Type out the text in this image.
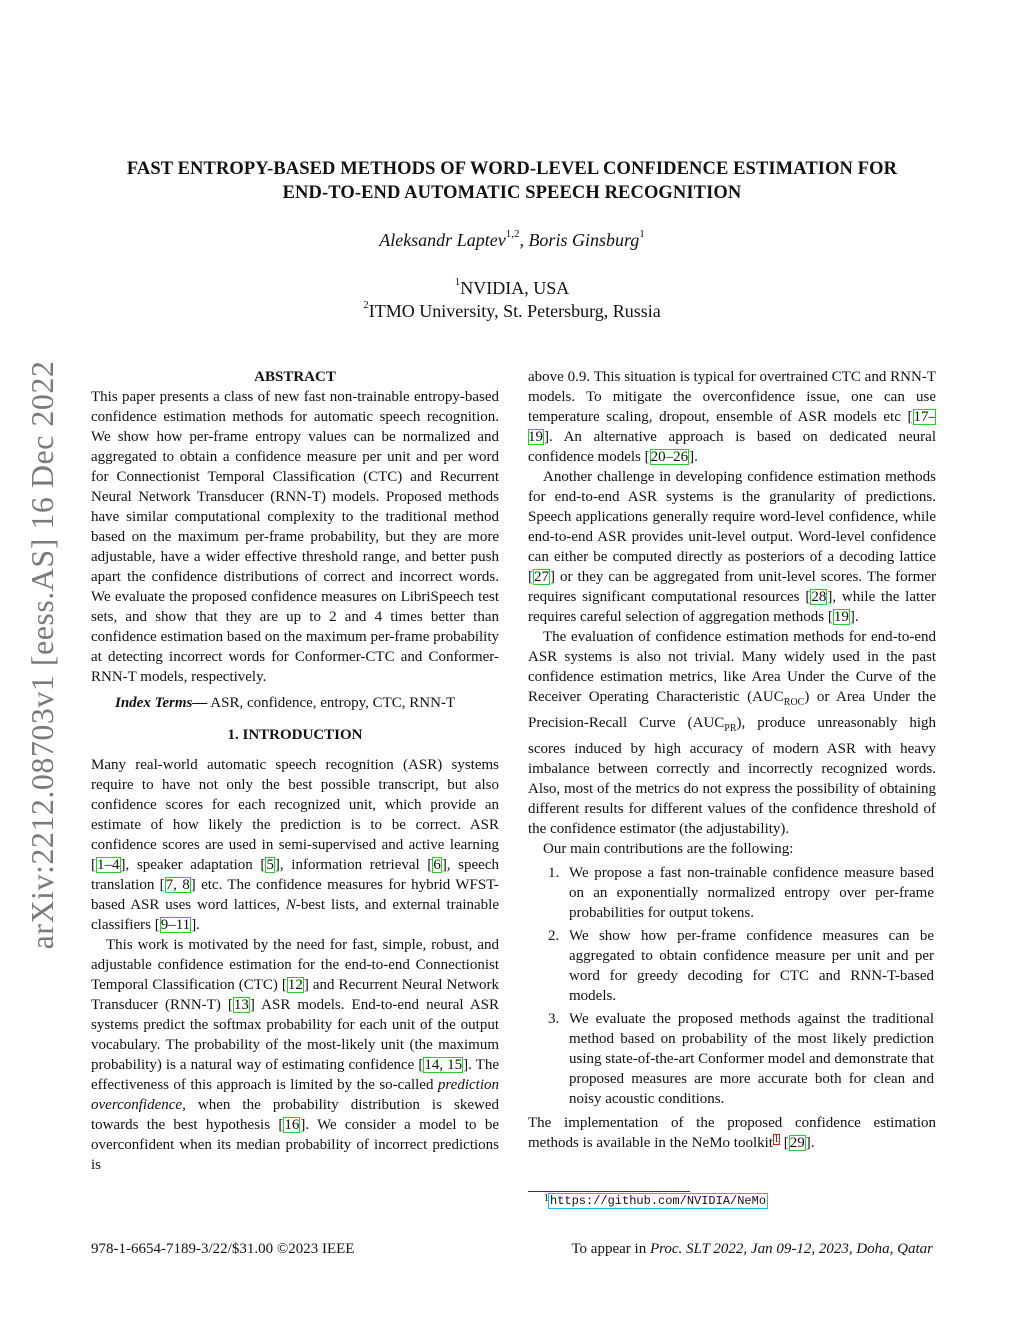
arXiv:2212.08703v1 [eess.AS] 16 Dec 2022
FAST ENTROPY-BASED METHODS OF WORD-LEVEL CONFIDENCE ESTIMATION FOR
END-TO-END AUTOMATIC SPEECH RECOGNITION
Aleksandr Laptev$^{1,2}$, Boris Ginsburg$^1$
$^1$NVIDIA, USA
$^2$ITMO University, St. Petersburg, Russia

ABSTRACT

This paper presents a class of new fast non-trainable entropy-based confidence estimation methods for automatic speech recognition. We show how per-frame entropy values can be normalized and aggregated to obtain a confidence measure per unit and per word for Connectionist Temporal Classification (CTC) and Recurrent Neural Network Transducer (RNN-T) models. Proposed methods have similar computational complexity to the traditional method based on the maximum per-frame probability, but they are more adjustable, have a wider effective threshold range, and better push apart the confidence distributions of correct and incorrect words. We evaluate the proposed confidence measures on LibriSpeech test sets, and show that they are up to 2 and 4 times better than confidence estimation based on the maximum per-frame probability at detecting incorrect words for Conformer-CTC and Conformer-RNN-T models, respectively.

Index Terms— ASR, confidence, entropy, CTC, RNN-T

1. INTRODUCTION

Many real-world automatic speech recognition (ASR) systems require to have not only the best possible transcript, but also confidence scores for each recognized unit, which provide an estimate of how likely the prediction is to be correct. ASR confidence scores are used in semi-supervised and active learning [1–4], speaker adaptation [5], information retrieval [6], speech translation [7, 8] etc. The confidence measures for hybrid WFST-based ASR uses word lattices, N-best lists, and external trainable classifiers [9–11].

This work is motivated by the need for fast, simple, robust, and adjustable confidence estimation for the end-to-end Connectionist Temporal Classification (CTC) [12] and Recurrent Neural Network Transducer (RNN-T) [13] ASR models. End-to-end neural ASR systems predict the softmax probability for each unit of the output vocabulary. The probability of the most-likely unit (the maximum probability) is a natural way of estimating confidence [14, 15]. The effectiveness of this approach is limited by the so-called prediction overconfidence, when the probability distribution is skewed towards the best hypothesis [16]. We consider a model to be overconfident when its median probability of incorrect predictions is

above 0.9. This situation is typical for overtrained CTC and RNN-T models. To mitigate the overconfidence issue, one can use temperature scaling, dropout, ensemble of ASR models etc [17–19]. An alternative approach is based on dedicated neural confidence models [20–26].

Another challenge in developing confidence estimation methods for end-to-end ASR systems is the granularity of predictions. Speech applications generally require word-level confidence, while end-to-end ASR provides unit-level output. Word-level confidence can either be computed directly as posteriors of a decoding lattice [27] or they can be aggregated from unit-level scores. The former requires significant computational resources [28], while the latter requires careful selection of aggregation methods [19].

The evaluation of confidence estimation methods for end-to-end ASR systems is also not trivial. Many widely used in the past confidence estimation metrics, like Area Under the Curve of the Receiver Operating Characteristic $(AUC_{ROC})$ or Area Under the Precision-Recall Curve $(AUC_{PR})$, produce unreasonably high scores induced by high accuracy of modern ASR with heavy imbalance between correctly and incorrectly recognized words. Also, most of the metrics do not express the possibility of obtaining different results for different values of the confidence threshold of the confidence estimator (the adjustability).

Our main contributions are the following:

1. We propose a fast non-trainable confidence measure based on an exponentially normalized entropy over per-frame probabilities for output tokens.
2. We show how per-frame confidence measures can be aggregated to obtain confidence measure per unit and per word for greedy decoding for CTC and RNN-T-based models.
3. We evaluate the proposed methods against the traditional method based on probability of the most likely prediction using state-of-the-art Conformer model and demonstrate that proposed measures are more accurate both for clean and noisy acoustic conditions.

The implementation of the proposed confidence estimation methods is available in the NeMo toolkit$^1$ [29].

$^1$https://github.com/NVIDIA/NeMo
978-1-6654-7189-3/22/$31.00 ©2023 IEEE	To appear in Proc. SLT 2022, Jan 09-12, 2023, Doha, Qatar
